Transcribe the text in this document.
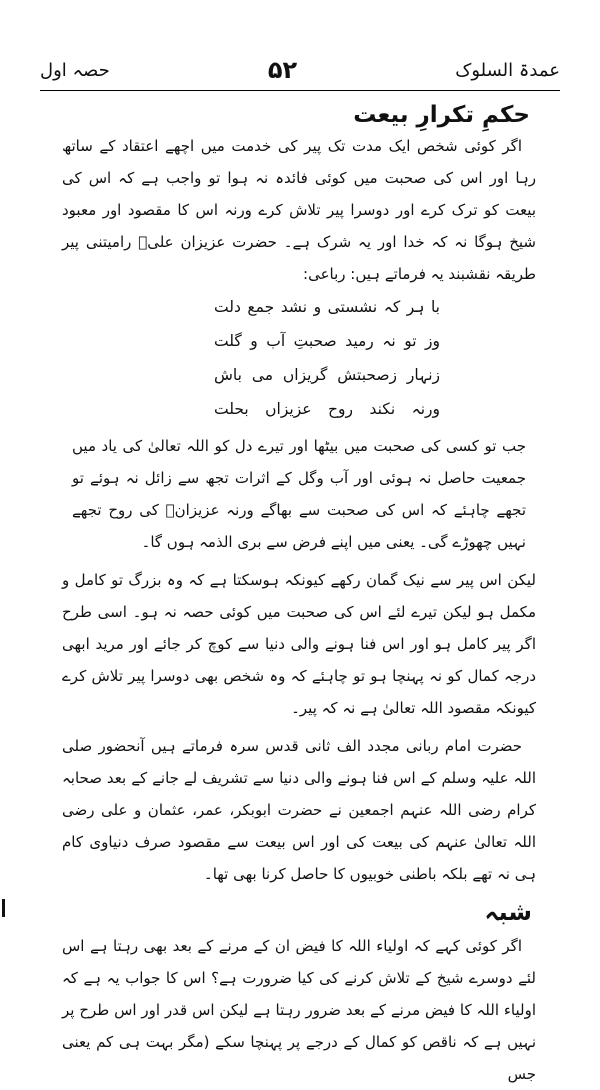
عمدۃ السلوک
۵۲
حصہ اول
حکمِ تکرارِ بیعت

اگر کوئی شخص ایک مدت تک پیر کی خدمت میں اچھے اعتقاد کے ساتھ رہا اور اس کی صحبت میں کوئی فائدہ نہ ہوا تو واجب ہے کہ اس کی بیعت کو ترک کرے اور دوسرا پیر تلاش کرے ورنہ اس کا مقصود اور معبود شیخ ہوگا نہ کہ خدا اور یہ شرک ہے۔ حضرت عزیزان علیؒ رامیتنی پیر طریقہ نقشبند یہ فرماتے ہیں: رباعی:

با ہر کہ نشستی و نشد جمع دلت
وز تو نہ رمید صحبتِ آب و گلت
زنہار زصحبتش گریزاں می باش
ورنہ نکند روح عزیزاں بحلت

جب تو کسی کی صحبت میں بیٹھا اور تیرے دل کو اللہ تعالیٰ کی یاد میں جمعیت حاصل نہ ہوئی اور آب وگل کے اثرات تجھ سے زائل نہ ہوئے تو تجھے چاہئے کہ اس کی صحبت سے بھاگے ورنہ عزیزانؒ کی روح تجھے نہیں چھوڑے گی۔ یعنی میں اپنے فرض سے بری الذمہ ہوں گا۔

لیکن اس پیر سے نیک گمان رکھے کیونکہ ہوسکتا ہے کہ وہ بزرگ تو کامل و مکمل ہو لیکن تیرے لئے اس کی صحبت میں کوئی حصہ نہ ہو۔ اسی طرح اگر پیر کامل ہو اور اس فنا ہونے والی دنیا سے کوچ کر جائے اور مرید ابھی درجہ کمال کو نہ پہنچا ہو تو چاہئے کہ وہ شخص بھی دوسرا پیر تلاش کرے کیونکہ مقصود اللہ تعالیٰ ہے نہ کہ پیر۔

حضرت امام ربانی مجدد الف ثانی قدس سرہ فرماتے ہیں آنحضور صلی اللہ علیہ وسلم کے اس فنا ہونے والی دنیا سے تشریف لے جانے کے بعد صحابہ کرام رضی اللہ عنہم اجمعین نے حضرت ابوبکر، عمر، عثمان و علی رضی اللہ تعالیٰ عنہم کی بیعت کی اور اس بیعت سے مقصود صرف دنیاوی کام ہی نہ تھے بلکہ باطنی خوبیوں کا حاصل کرنا بھی تھا۔

شبہ

اگر کوئی کہے کہ اولیاء اللہ کا فیض ان کے مرنے کے بعد بھی رہتا ہے اس لئے دوسرے شیخ کے تلاش کرنے کی کیا ضرورت ہے؟ اس کا جواب یہ ہے کہ اولیاء اللہ کا فیض مرنے کے بعد ضرور رہتا ہے لیکن اس قدر اور اس طرح پر نہیں ہے کہ ناقص کو کمال کے درجے پر پہنچا سکے (مگر بہت ہی کم یعنی جس
